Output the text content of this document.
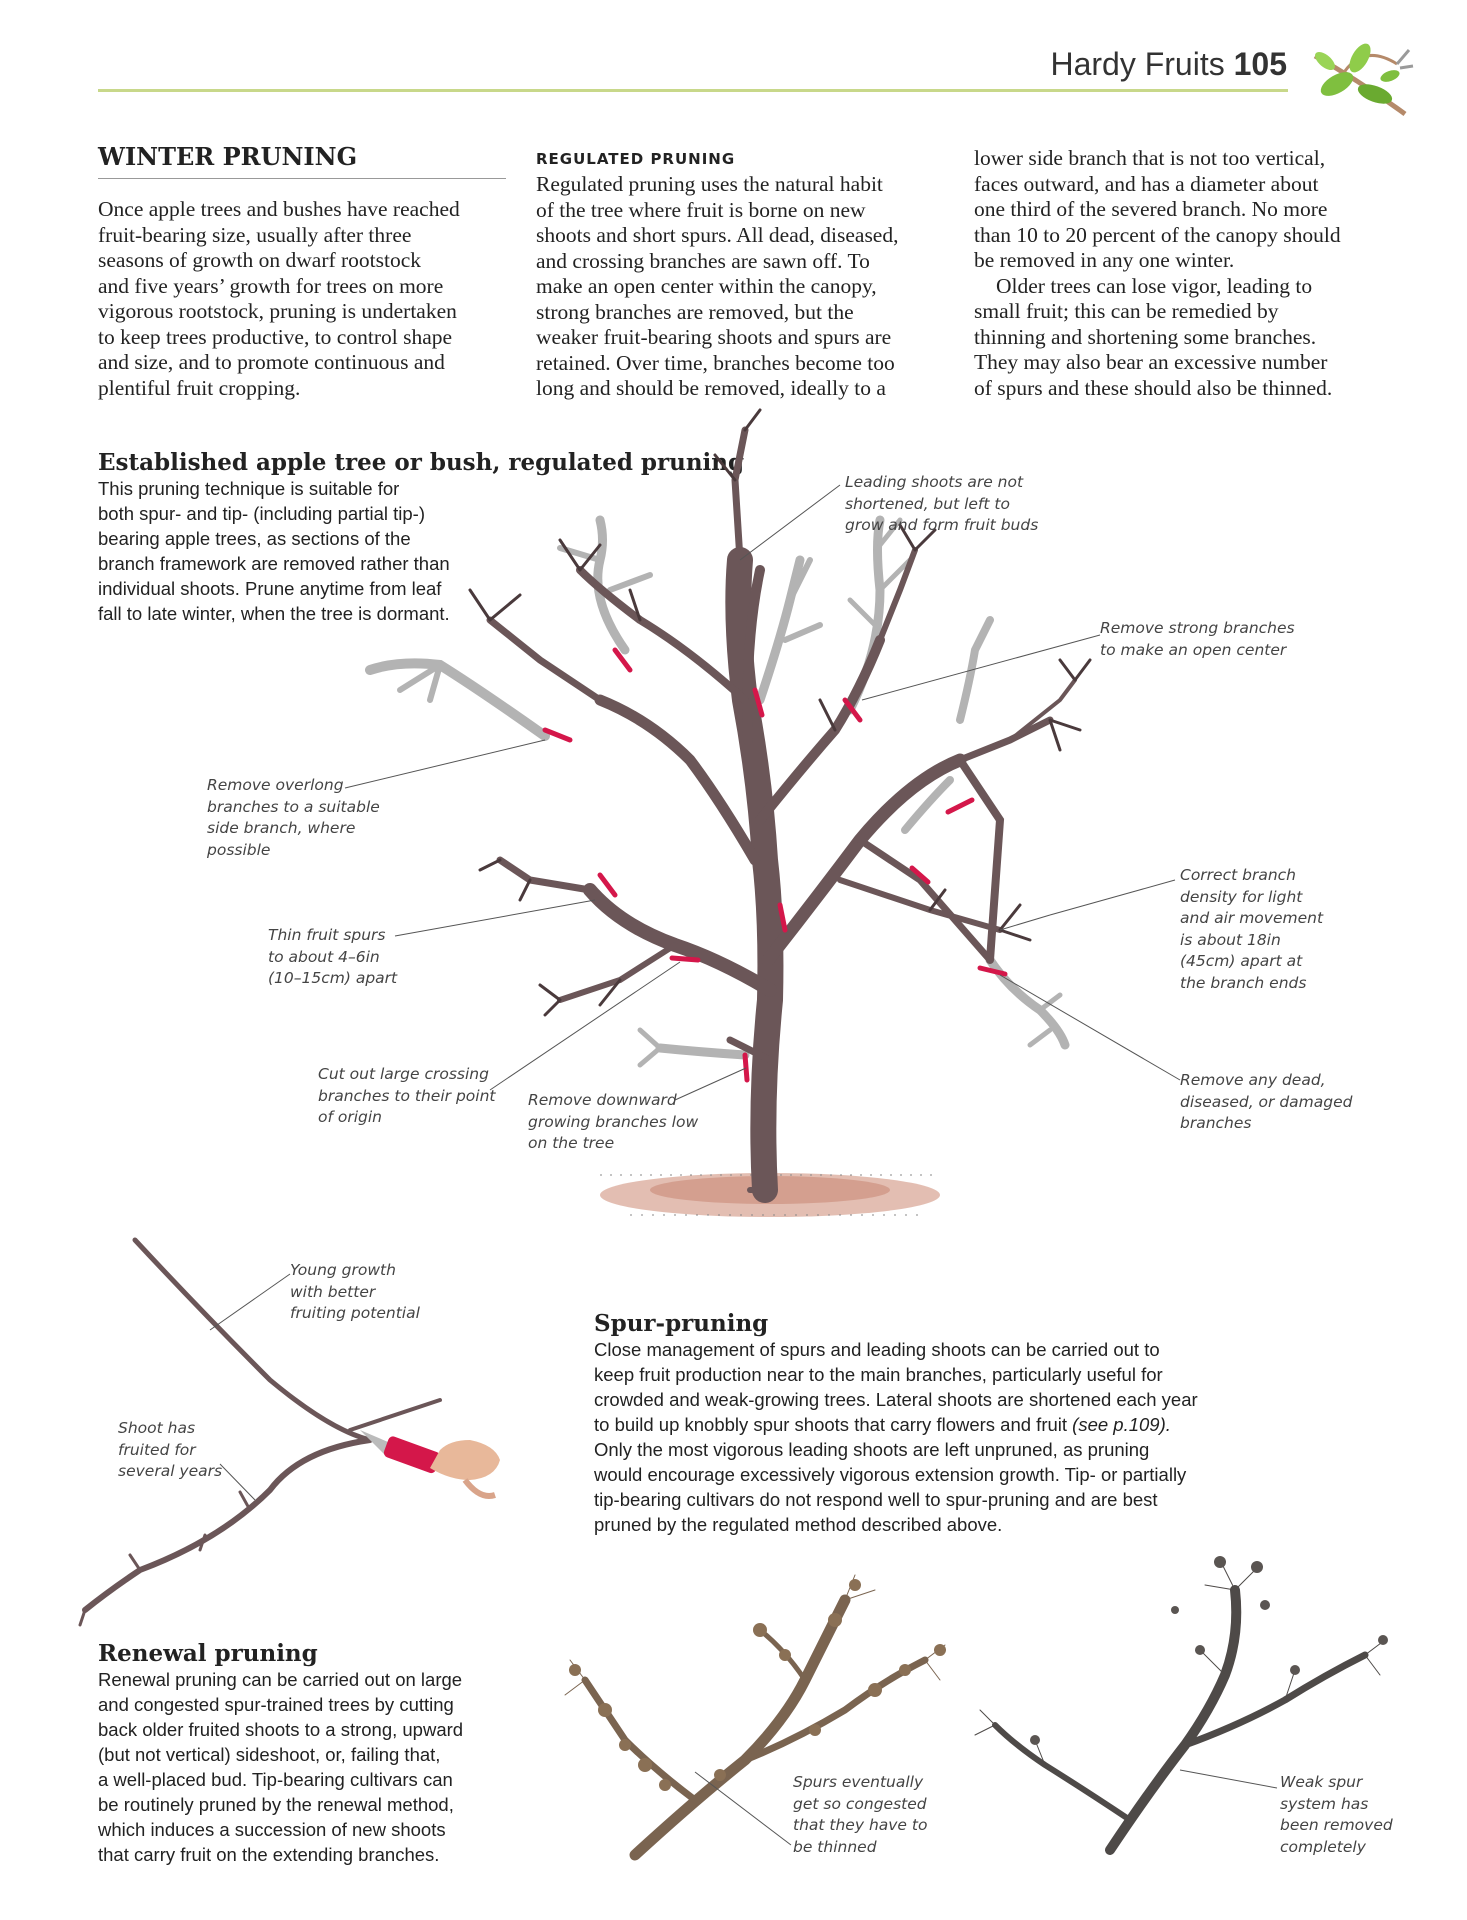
Hardy Fruits 105
WINTER PRUNING
Once apple trees and bushes have reached
fruit-bearing size, usually after three
seasons of growth on dwarf rootstock
and five years’ growth for trees on more
vigorous rootstock, pruning is undertaken
to keep trees productive, to control shape
and size, and to promote continuous and
plentiful fruit cropping.
REGULATED PRUNING
Regulated pruning uses the natural habit
of the tree where fruit is borne on new
shoots and short spurs. All dead, diseased,
and crossing branches are sawn off. To
make an open center within the canopy,
strong branches are removed, but the
weaker fruit-bearing shoots and spurs are
retained. Over time, branches become too
long and should be removed, ideally to a
lower side branch that is not too vertical,
faces outward, and has a diameter about
one third of the severed branch. No more
than 10 to 20 percent of the canopy should
be removed in any one winter.
Older trees can lose vigor, leading to
small fruit; this can be remedied by
thinning and shortening some branches.
They may also bear an excessive number
of spurs and these should also be thinned.
Established apple tree or bush, regulated pruning
This pruning technique is suitable for
both spur- and tip- (including partial tip-)
bearing apple trees, as sections of the
branch framework are removed rather than
individual shoots. Prune anytime from leaf
fall to late winter, when the tree is dormant.
Leading shoots are not
shortened, but left to
grow and form fruit buds
Remove strong branches
to make an open center
Remove overlong
branches to a suitable
side branch, where
possible
Correct branch
density for light
and air movement
is about 18in
(45cm) apart at
the branch ends
Thin fruit spurs
to about 4–6in
(10–15cm) apart
Cut out large crossing
branches to their point
of origin
Remove downward
growing branches low
on the tree
Remove any dead,
diseased, or damaged
branches
Young growth
with better
fruiting potential
Shoot has
fruited for
several years
Renewal pruning
Renewal pruning can be carried out on large
and congested spur-trained trees by cutting
back older fruited shoots to a strong, upward
(but not vertical) sideshoot, or, failing that,
a well-placed bud. Tip-bearing cultivars can
be routinely pruned by the renewal method,
which induces a succession of new shoots
that carry fruit on the extending branches.
Spur-pruning
Close management of spurs and leading shoots can be carried out to
keep fruit production near to the main branches, particularly useful for
crowded and weak-growing trees. Lateral shoots are shortened each year
to build up knobbly spur shoots that carry flowers and fruit (see p.109).
Only the most vigorous leading shoots are left unpruned, as pruning
would encourage excessively vigorous extension growth. Tip- or partially
tip-bearing cultivars do not respond well to spur-pruning and are best
pruned by the regulated method described above.
Spurs eventually
get so congested
that they have to
be thinned
Weak spur
system has
been removed
completely
